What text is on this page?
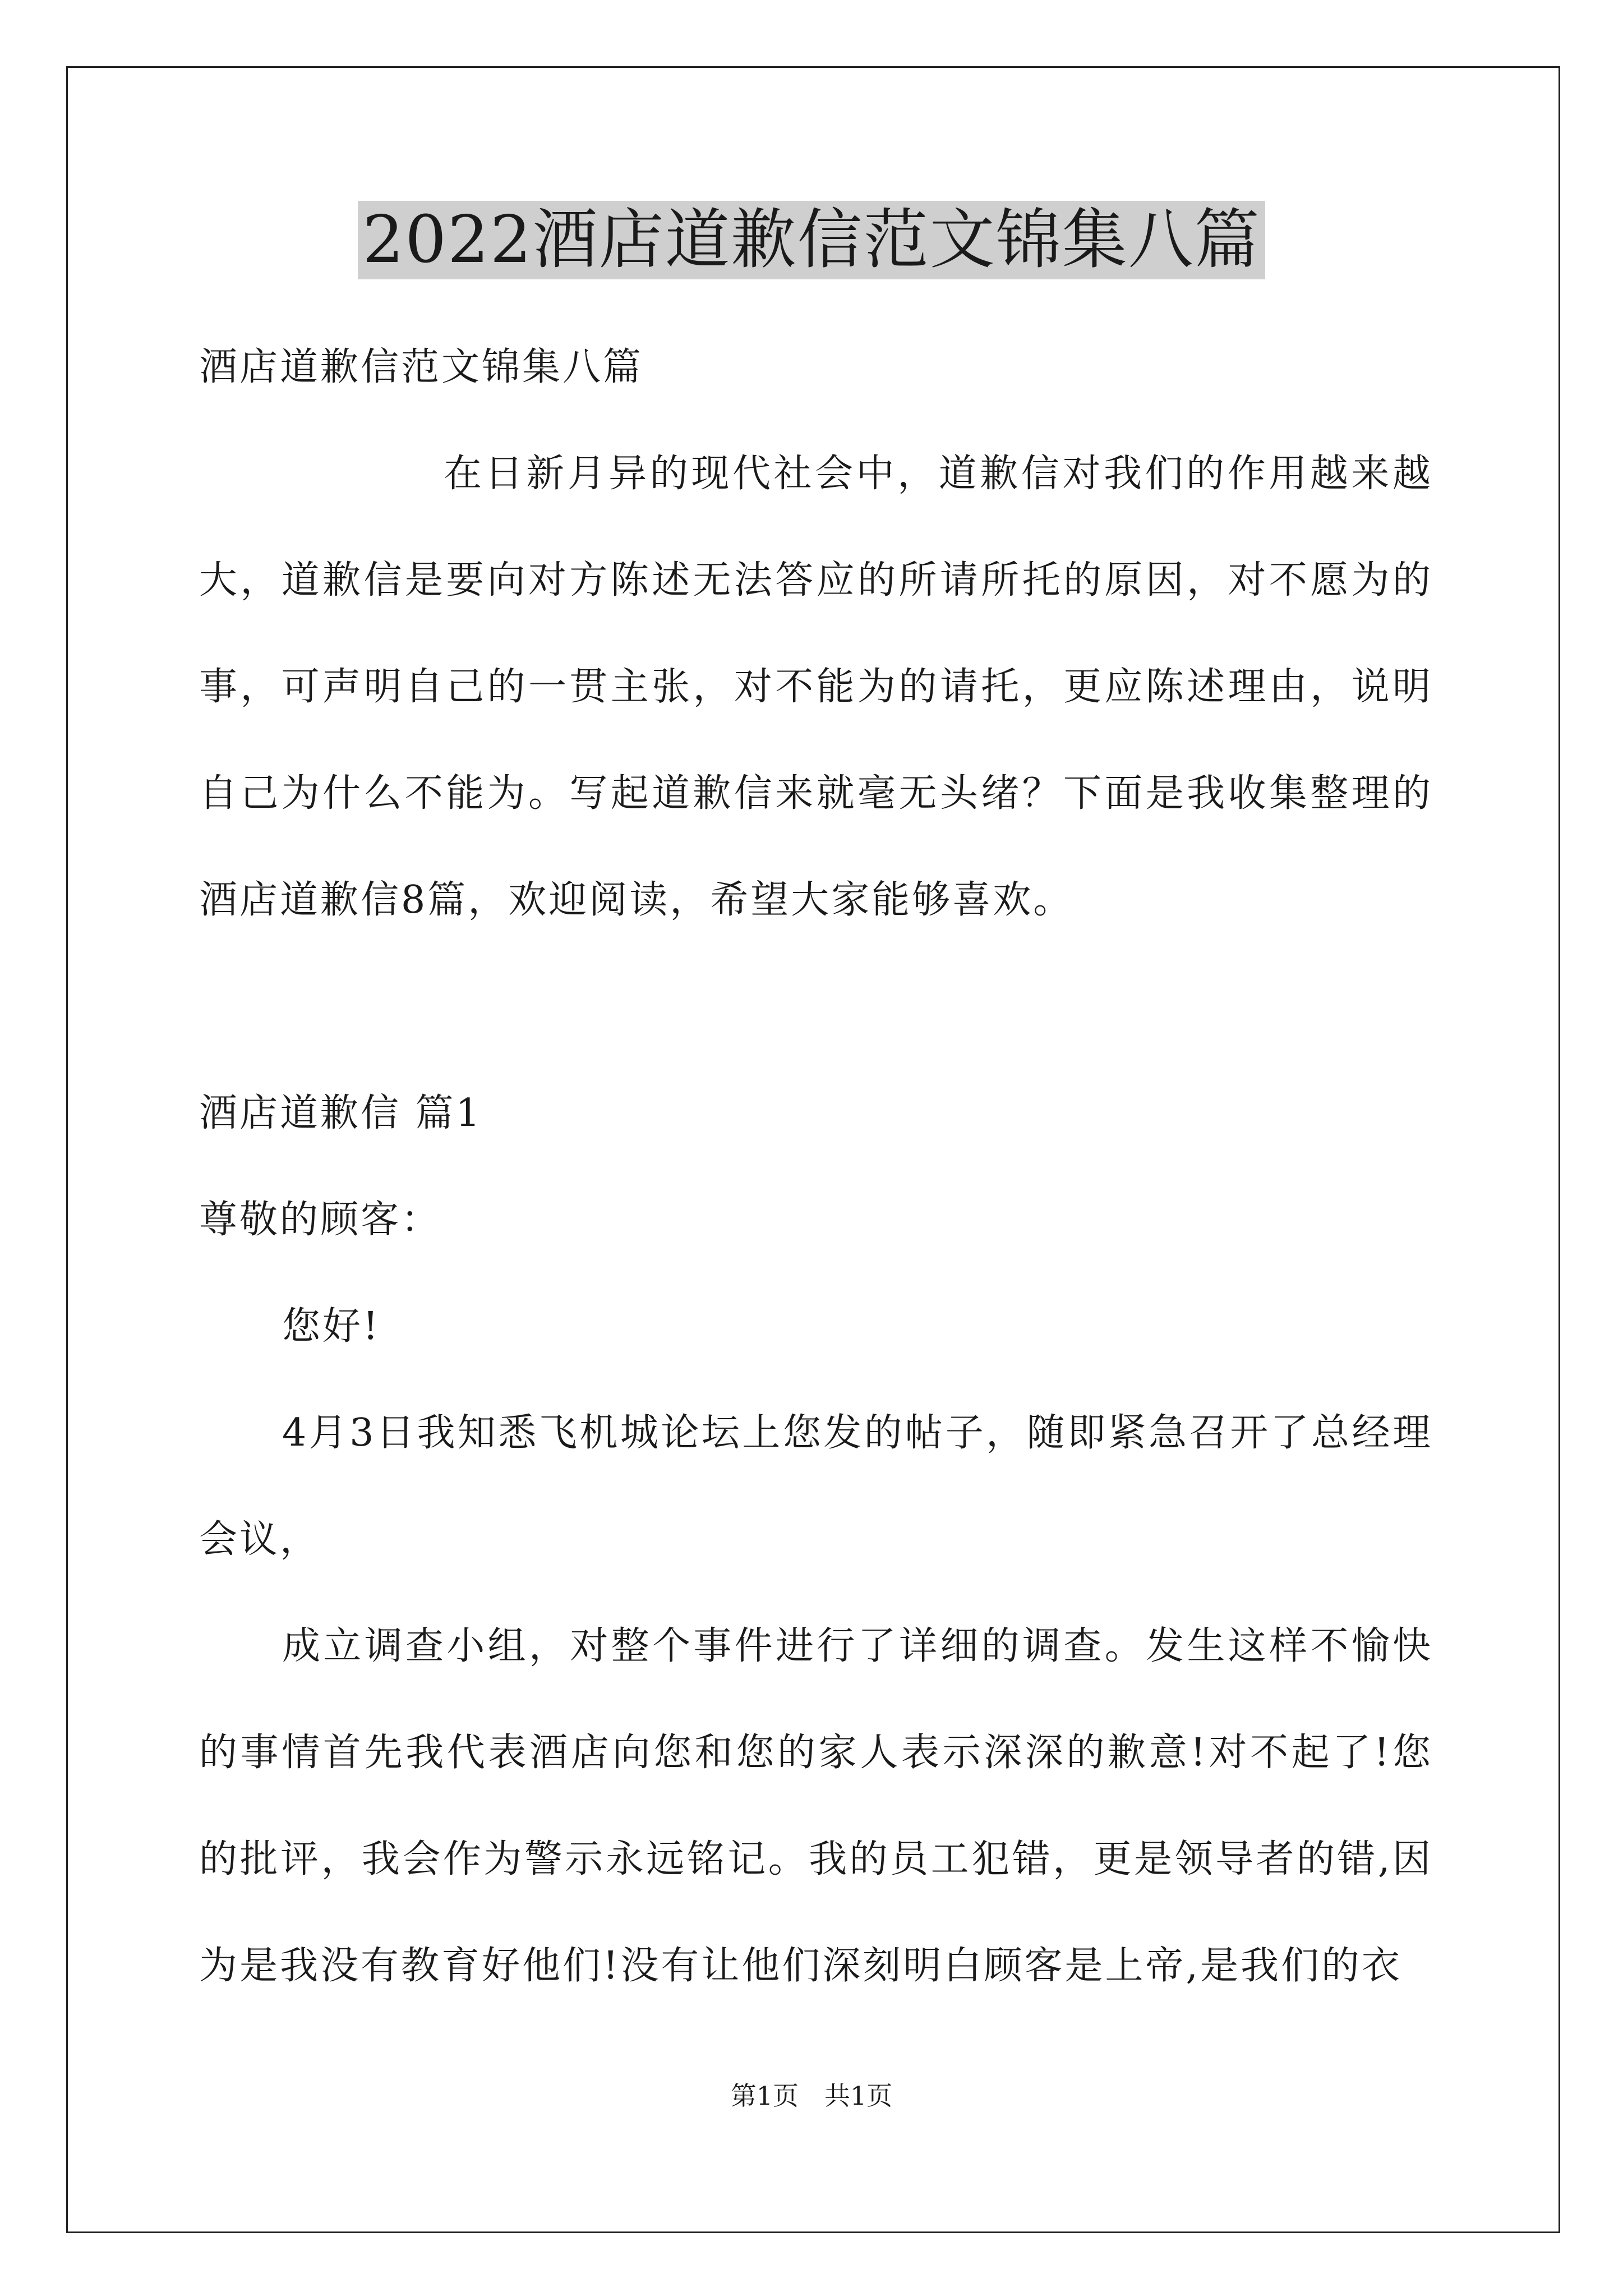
2022酒店道歉信范文锦集八篇

酒店道歉信范文锦集八篇

在日新月异的现代社会中，道歉信对我们的作用越来越大，道歉信是要向对方陈述无法答应的所请所托的原因，对不愿为的事，可声明自己的一贯主张，对不能为的请托，更应陈述理由，说明自己为什么不能为。写起道歉信来就毫无头绪？下面是我收集整理的酒店道歉信8篇，欢迎阅读，希望大家能够喜欢。

酒店道歉信 篇1

尊敬的顾客：

您好!

4月3日我知悉飞机城论坛上您发的帖子，随即紧急召开了总经理会议，

成立调查小组，对整个事件进行了详细的调查。发生这样不愉快的事情首先我代表酒店向您和您的家人表示深深的歉意!对不起了!您的批评，我会作为警示永远铭记。我的员工犯错，更是领导者的错,因为是我没有教育好他们!没有让他们深刻明白顾客是上帝,是我们的衣

第1页　共1页
